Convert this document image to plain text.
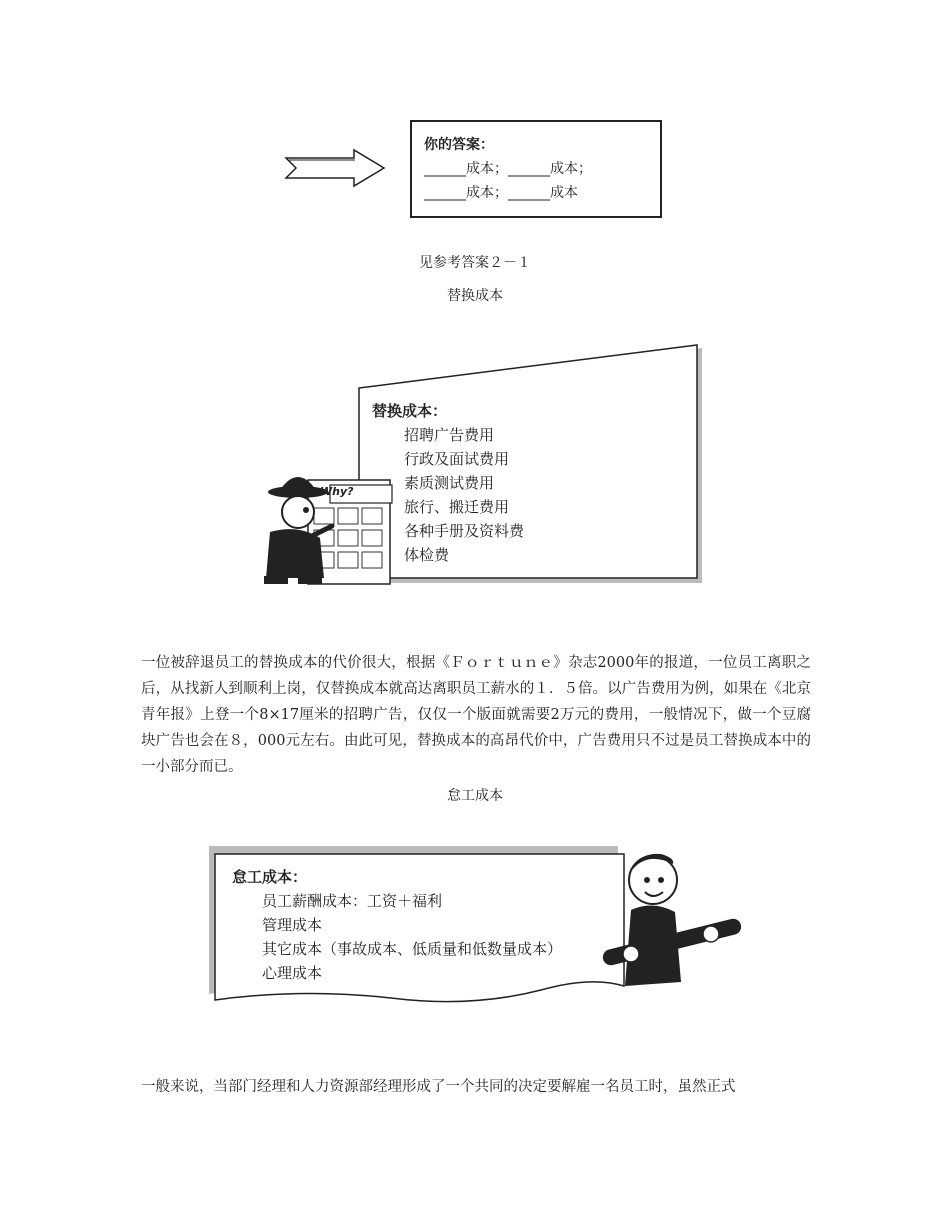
你的答案：
______成本；______成本；
______成本；______成本
见参考答案２－１
替换成本
Why?
替换成本：
招聘广告费用
行政及面试费用
素质测试费用
旅行、搬迁费用
各种手册及资料费
体检费
一位被辞退员工的替换成本的代价很大，根据《Ｆｏｒｔｕｎｅ》杂志2000年的报道，一位员工离职之后，从找新人到顺利上岗，仅替换成本就高达离职员工薪水的１．５倍。以广告费用为例，如果在《北京青年报》上登一个8×17厘米的招聘广告，仅仅一个版面就需要2万元的费用，一般情况下，做一个豆腐块广告也会在８，000元左右。由此可见，替换成本的高昂代价中，广告费用只不过是员工替换成本中的一小部分而已。
怠工成本
怠工成本：
员工薪酬成本：工资＋福利
管理成本
其它成本（事故成本、低质量和低数量成本）
心理成本
一般来说，当部门经理和人力资源部经理形成了一个共同的决定要解雇一名员工时，虽然正式
